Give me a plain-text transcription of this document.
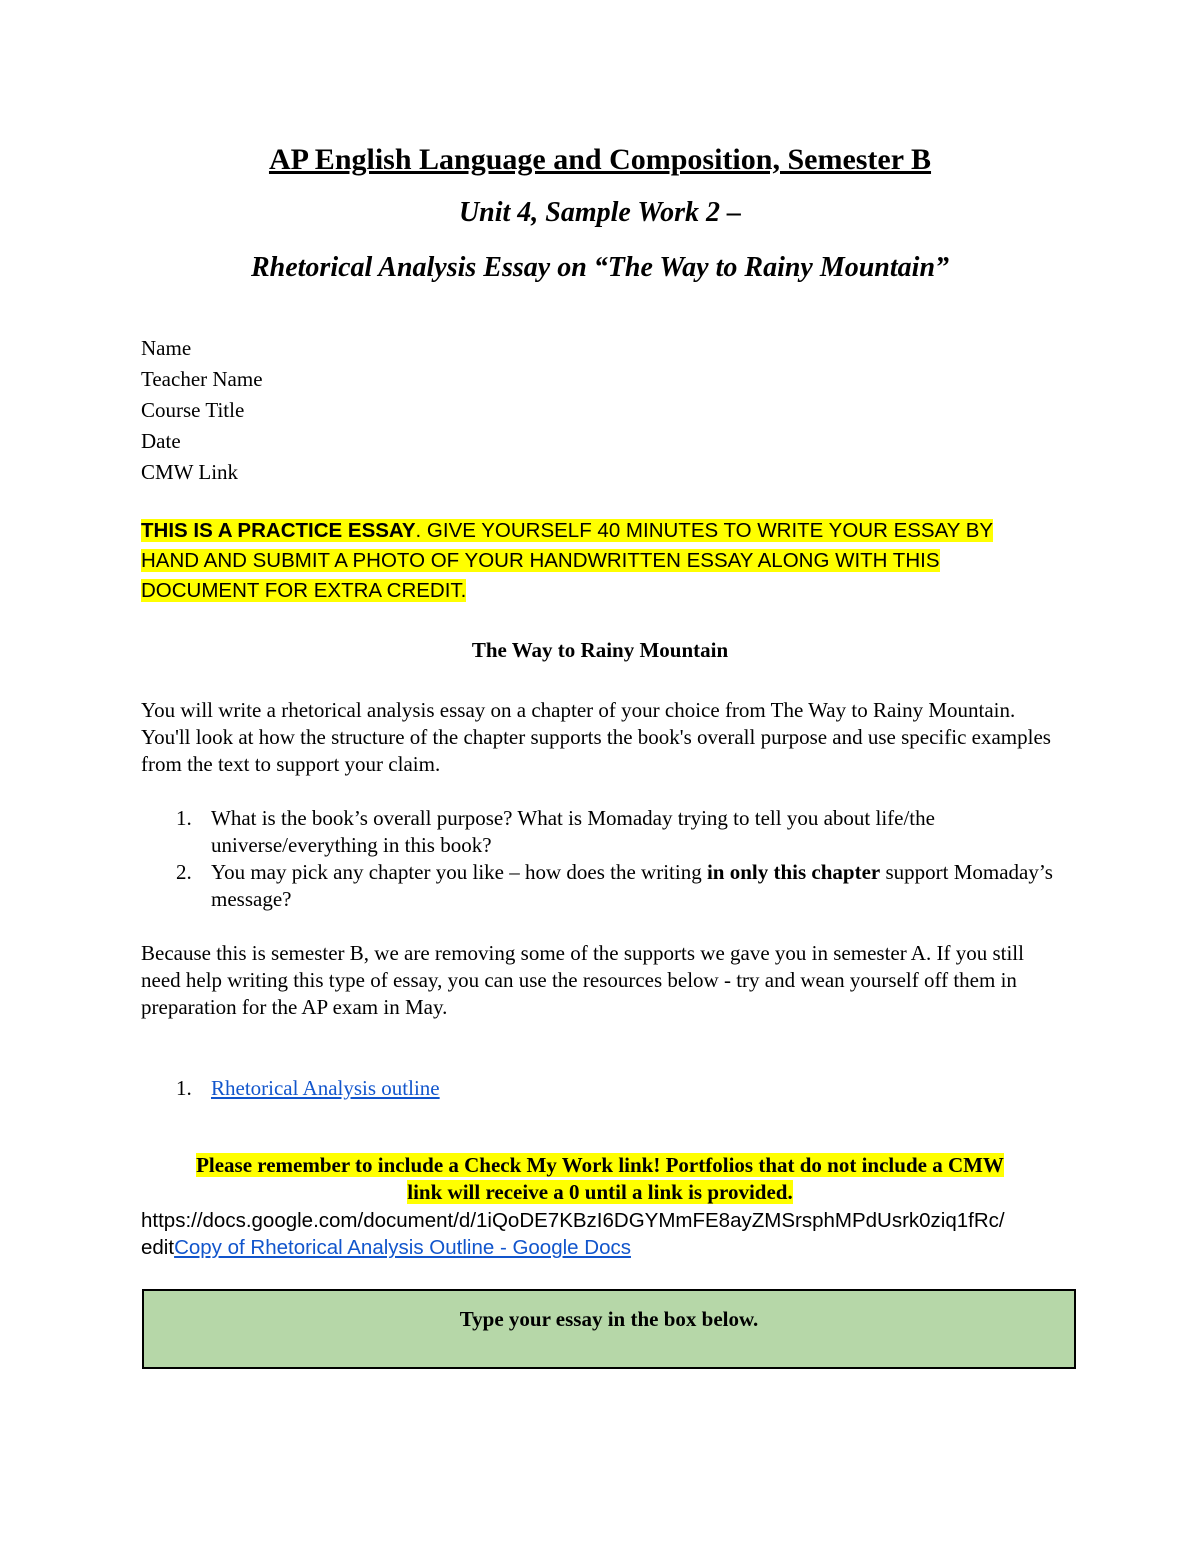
AP English Language and Composition, Semester B
Unit 4, Sample Work 2 –
Rhetorical Analysis Essay on “The Way to Rainy Mountain”
Name
Teacher Name
Course Title
Date
CMW Link
THIS IS A PRACTICE ESSAY. GIVE YOURSELF 40 MINUTES TO WRITE YOUR ESSAY BY HAND AND SUBMIT A PHOTO OF YOUR HANDWRITTEN ESSAY ALONG WITH THIS DOCUMENT FOR EXTRA CREDIT.
The Way to Rainy Mountain
You will write a rhetorical analysis essay on a chapter of your choice from The Way to Rainy Mountain. You'll look at how the structure of the chapter supports the book's overall purpose and use specific examples from the text to support your claim.
1. What is the book’s overall purpose? What is Momaday trying to tell you about life/the universe/everything in this book?
2. You may pick any chapter you like – how does the writing in only this chapter support Momaday’s message?
Because this is semester B, we are removing some of the supports we gave you in semester A. If you still need help writing this type of essay, you can use the resources below - try and wean yourself off them in preparation for the AP exam in May.
1. Rhetorical Analysis outline
Please remember to include a Check My Work link! Portfolios that do not include a CMW
link will receive a 0 until a link is provided.
https://docs.google.com/document/d/1iQoDE7KBzI6DGYMmFE8ayZMSrsphMPdUsrk0ziq1fRc/
editCopy of Rhetorical Analysis Outline - Google Docs
Type your essay in the box below.
